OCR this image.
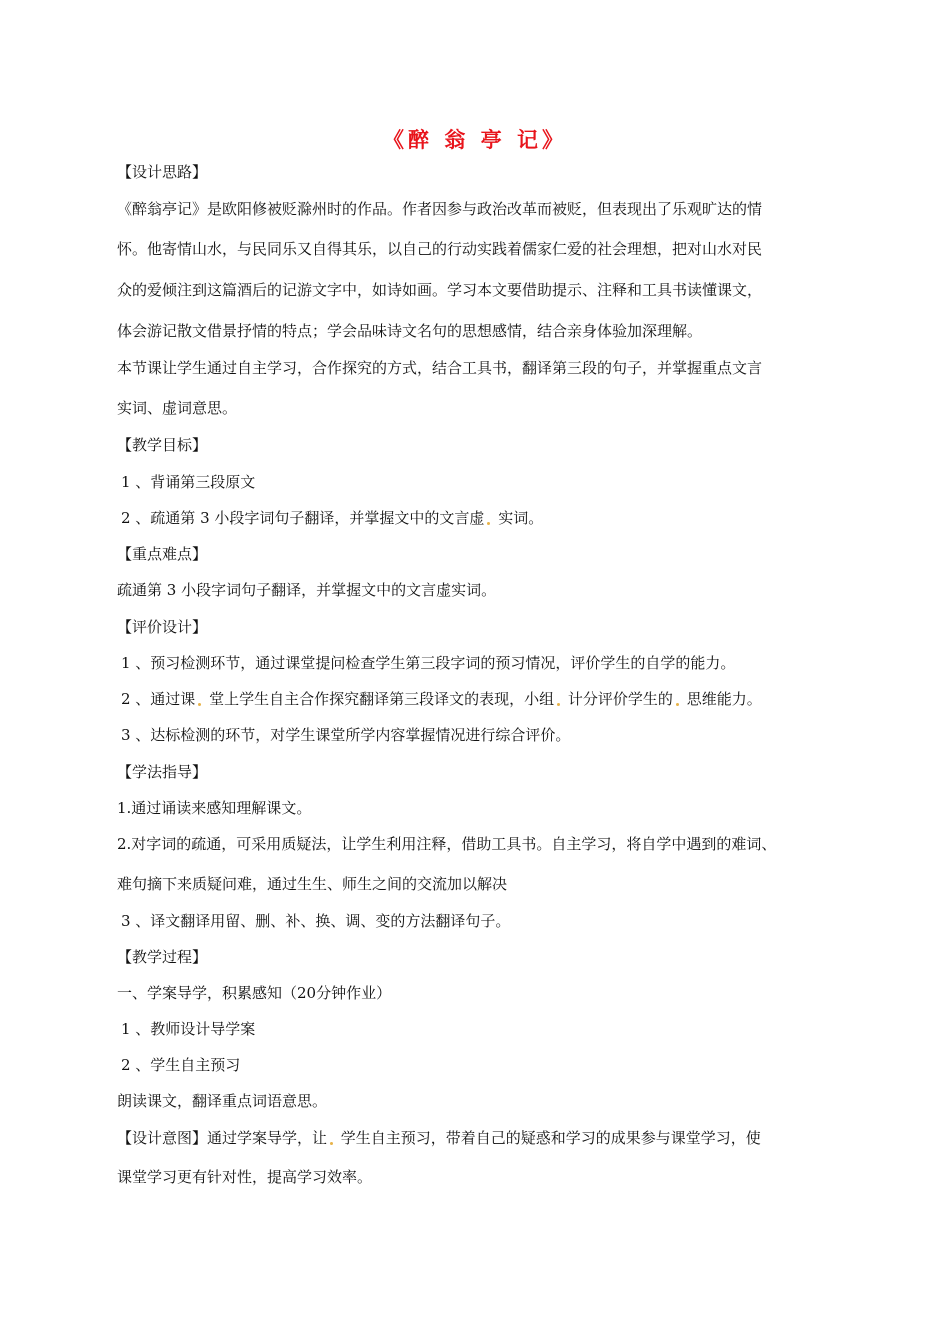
《醉 翁 亭 记》
【设计思路】
《醉翁亭记》是欧阳修被贬滁州时的作品。作者因参与政治改革而被贬，但表现出了乐观旷达的情
怀。他寄情山水，与民同乐又自得其乐，以自己的行动实践着儒家仁爱的社会理想，把对山水对民
众的爱倾注到这篇酒后的记游文字中，如诗如画。学习本文要借助提示、注释和工具书读懂课文，
体会游记散文借景抒情的特点；学会品味诗文名句的思想感情，结合亲身体验加深理解。
本节课让学生通过自主学习，合作探究的方式，结合工具书，翻译第三段的句子，并掌握重点文言
实词、虚词意思。
【教学目标】
1 、背诵第三段原文
2 、疏通第 3 小段字词句子翻译，并掌握文中的文言虚 实词。
【重点难点】
疏通第 3 小段字词句子翻译，并掌握文中的文言虚实词。
【评价设计】
1 、预习检测环节，通过课堂提问检查学生第三段字词的预习情况，评价学生的自学的能力。
2 、通过课 堂上学生自主合作探究翻译第三段译文的表现，小组 计分评价学生的 思维能力。
3 、达标检测的环节，对学生课堂所学内容掌握情况进行综合评价。
【学法指导】
1.通过诵读来感知理解课文。
2.对字词的疏通，可采用质疑法，让学生利用注释，借助工具书。自主学习，将自学中遇到的难词、
难句摘下来质疑问难，通过生生、师生之间的交流加以解决
3 、译文翻译用留、删、补、换、调、变的方法翻译句子。
【教学过程】
一、学案导学，积累感知（20分钟作业）
1 、教师设计导学案
2 、学生自主预习
朗读课文，翻译重点词语意思。
【设计意图】通过学案导学，让 学生自主预习，带着自己的疑惑和学习的成果参与课堂学习，使
课堂学习更有针对性，提高学习效率。
